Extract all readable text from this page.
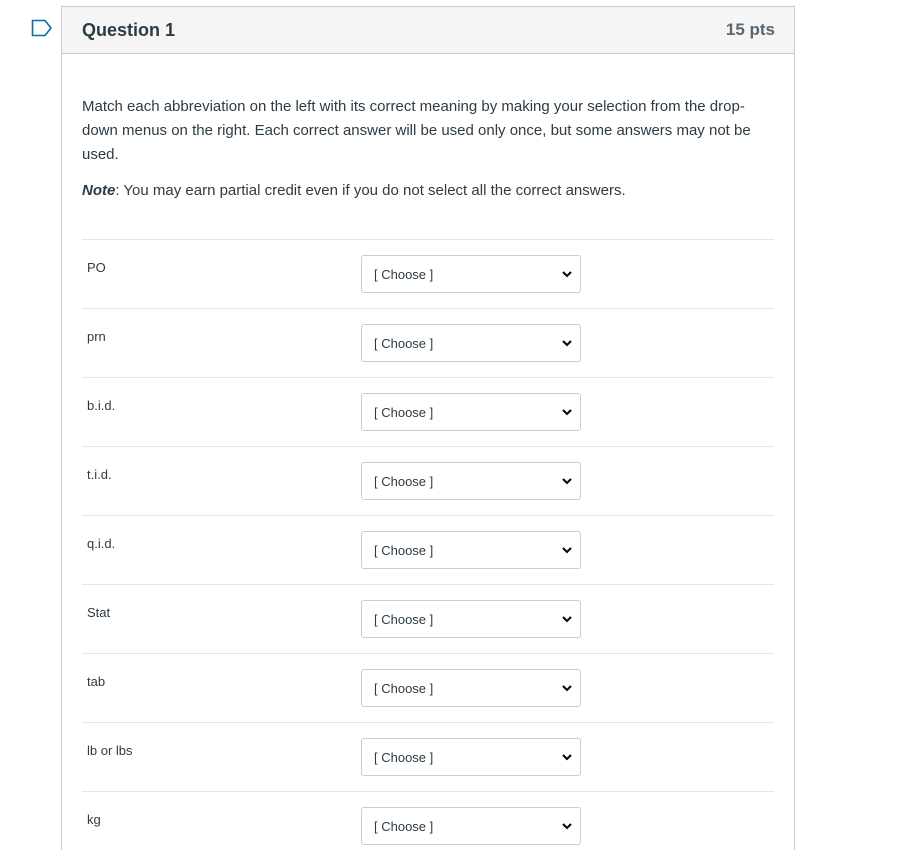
Question 1	15 pts

Match each abbreviation on the left with its correct meaning by making your selection from the drop-down menus on the right. Each correct answer will be used only once, but some answers may not be used.

Note: You may earn partial credit even if you do not select all the correct answers.

PO	[ Choose ]
prn	[ Choose ]
b.i.d.	[ Choose ]
t.i.d.	[ Choose ]
q.i.d.	[ Choose ]
Stat	[ Choose ]
tab	[ Choose ]
lb or lbs	[ Choose ]
kg	[ Choose ]
